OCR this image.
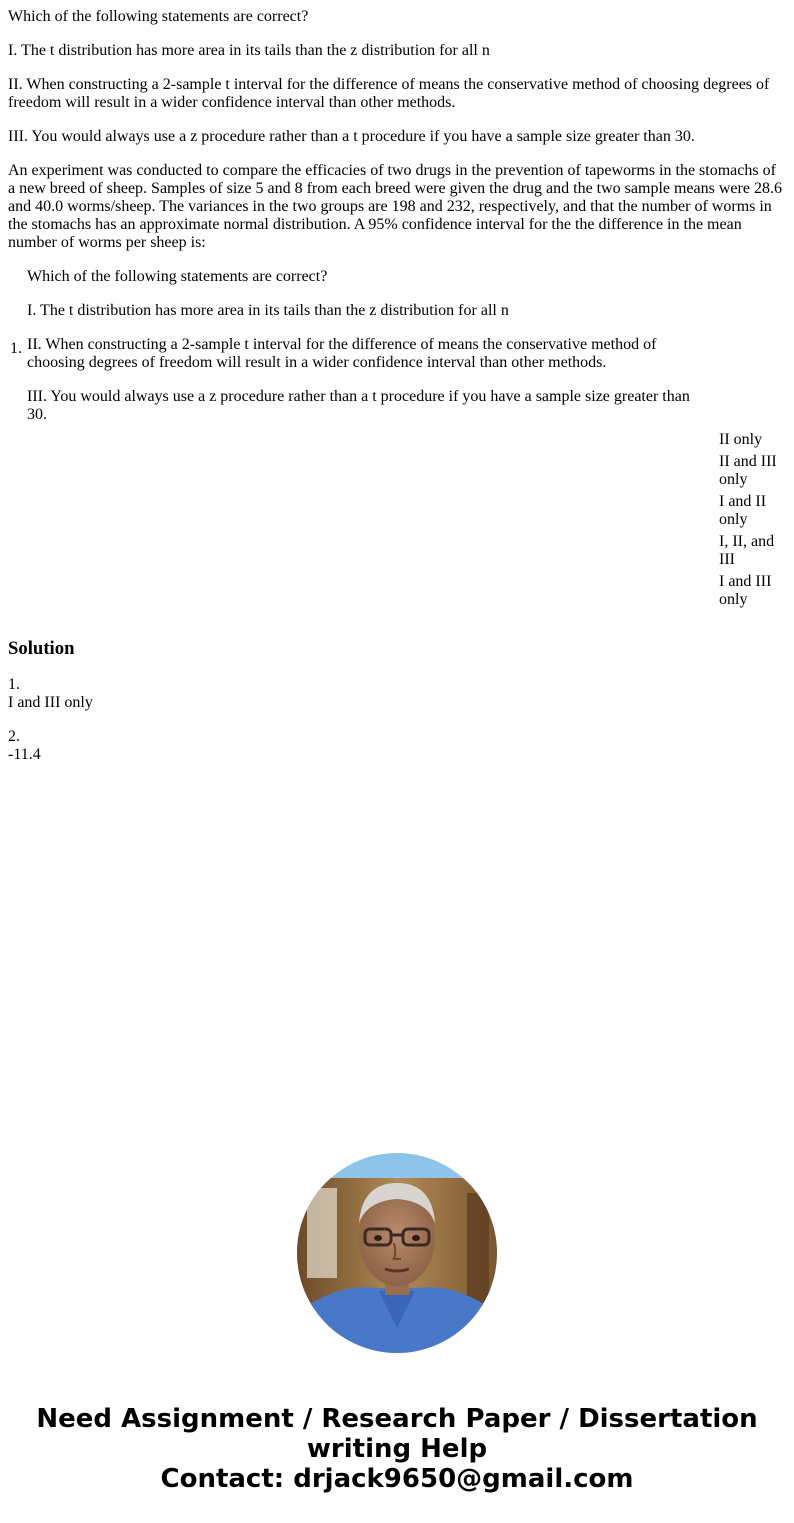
Which of the following statements are correct?

I. The t distribution has more area in its tails than the z distribution for all n

II. When constructing a 2-sample t interval for the difference of means the conservative method of choosing degrees of freedom will result in a wider confidence interval than other methods.

III. You would always use a z procedure rather than a t procedure if you have a sample size greater than 30.

An experiment was conducted to compare the efficacies of two drugs in the prevention of tapeworms in the stomachs of a new breed of sheep. Samples of size 5 and 8 from each breed were given the drug and the two sample means were 28.6 and 40.0 worms/sheep. The variances in the two groups are 198 and 232, respectively, and that the number of worms in the stomachs has an approximate normal distribution. A 95% confidence interval for the the difference in the mean number of worms per sheep is:

1.

Which of the following statements are correct?

I. The t distribution has more area in its tails than the z distribution for all n

II. When constructing a 2-sample t interval for the difference of means the conservative method of choosing degrees of freedom will result in a wider confidence interval than other methods.

III. You would always use a z procedure rather than a t procedure if you have a sample size greater than 30.

II only
II and III only
I and II only
I, II, and III
I and III only
Solution
1.
I and III only
2.
-11.4
Need Assignment / Research Paper / Dissertation
writing Help
Contact: drjack9650@gmail.com
